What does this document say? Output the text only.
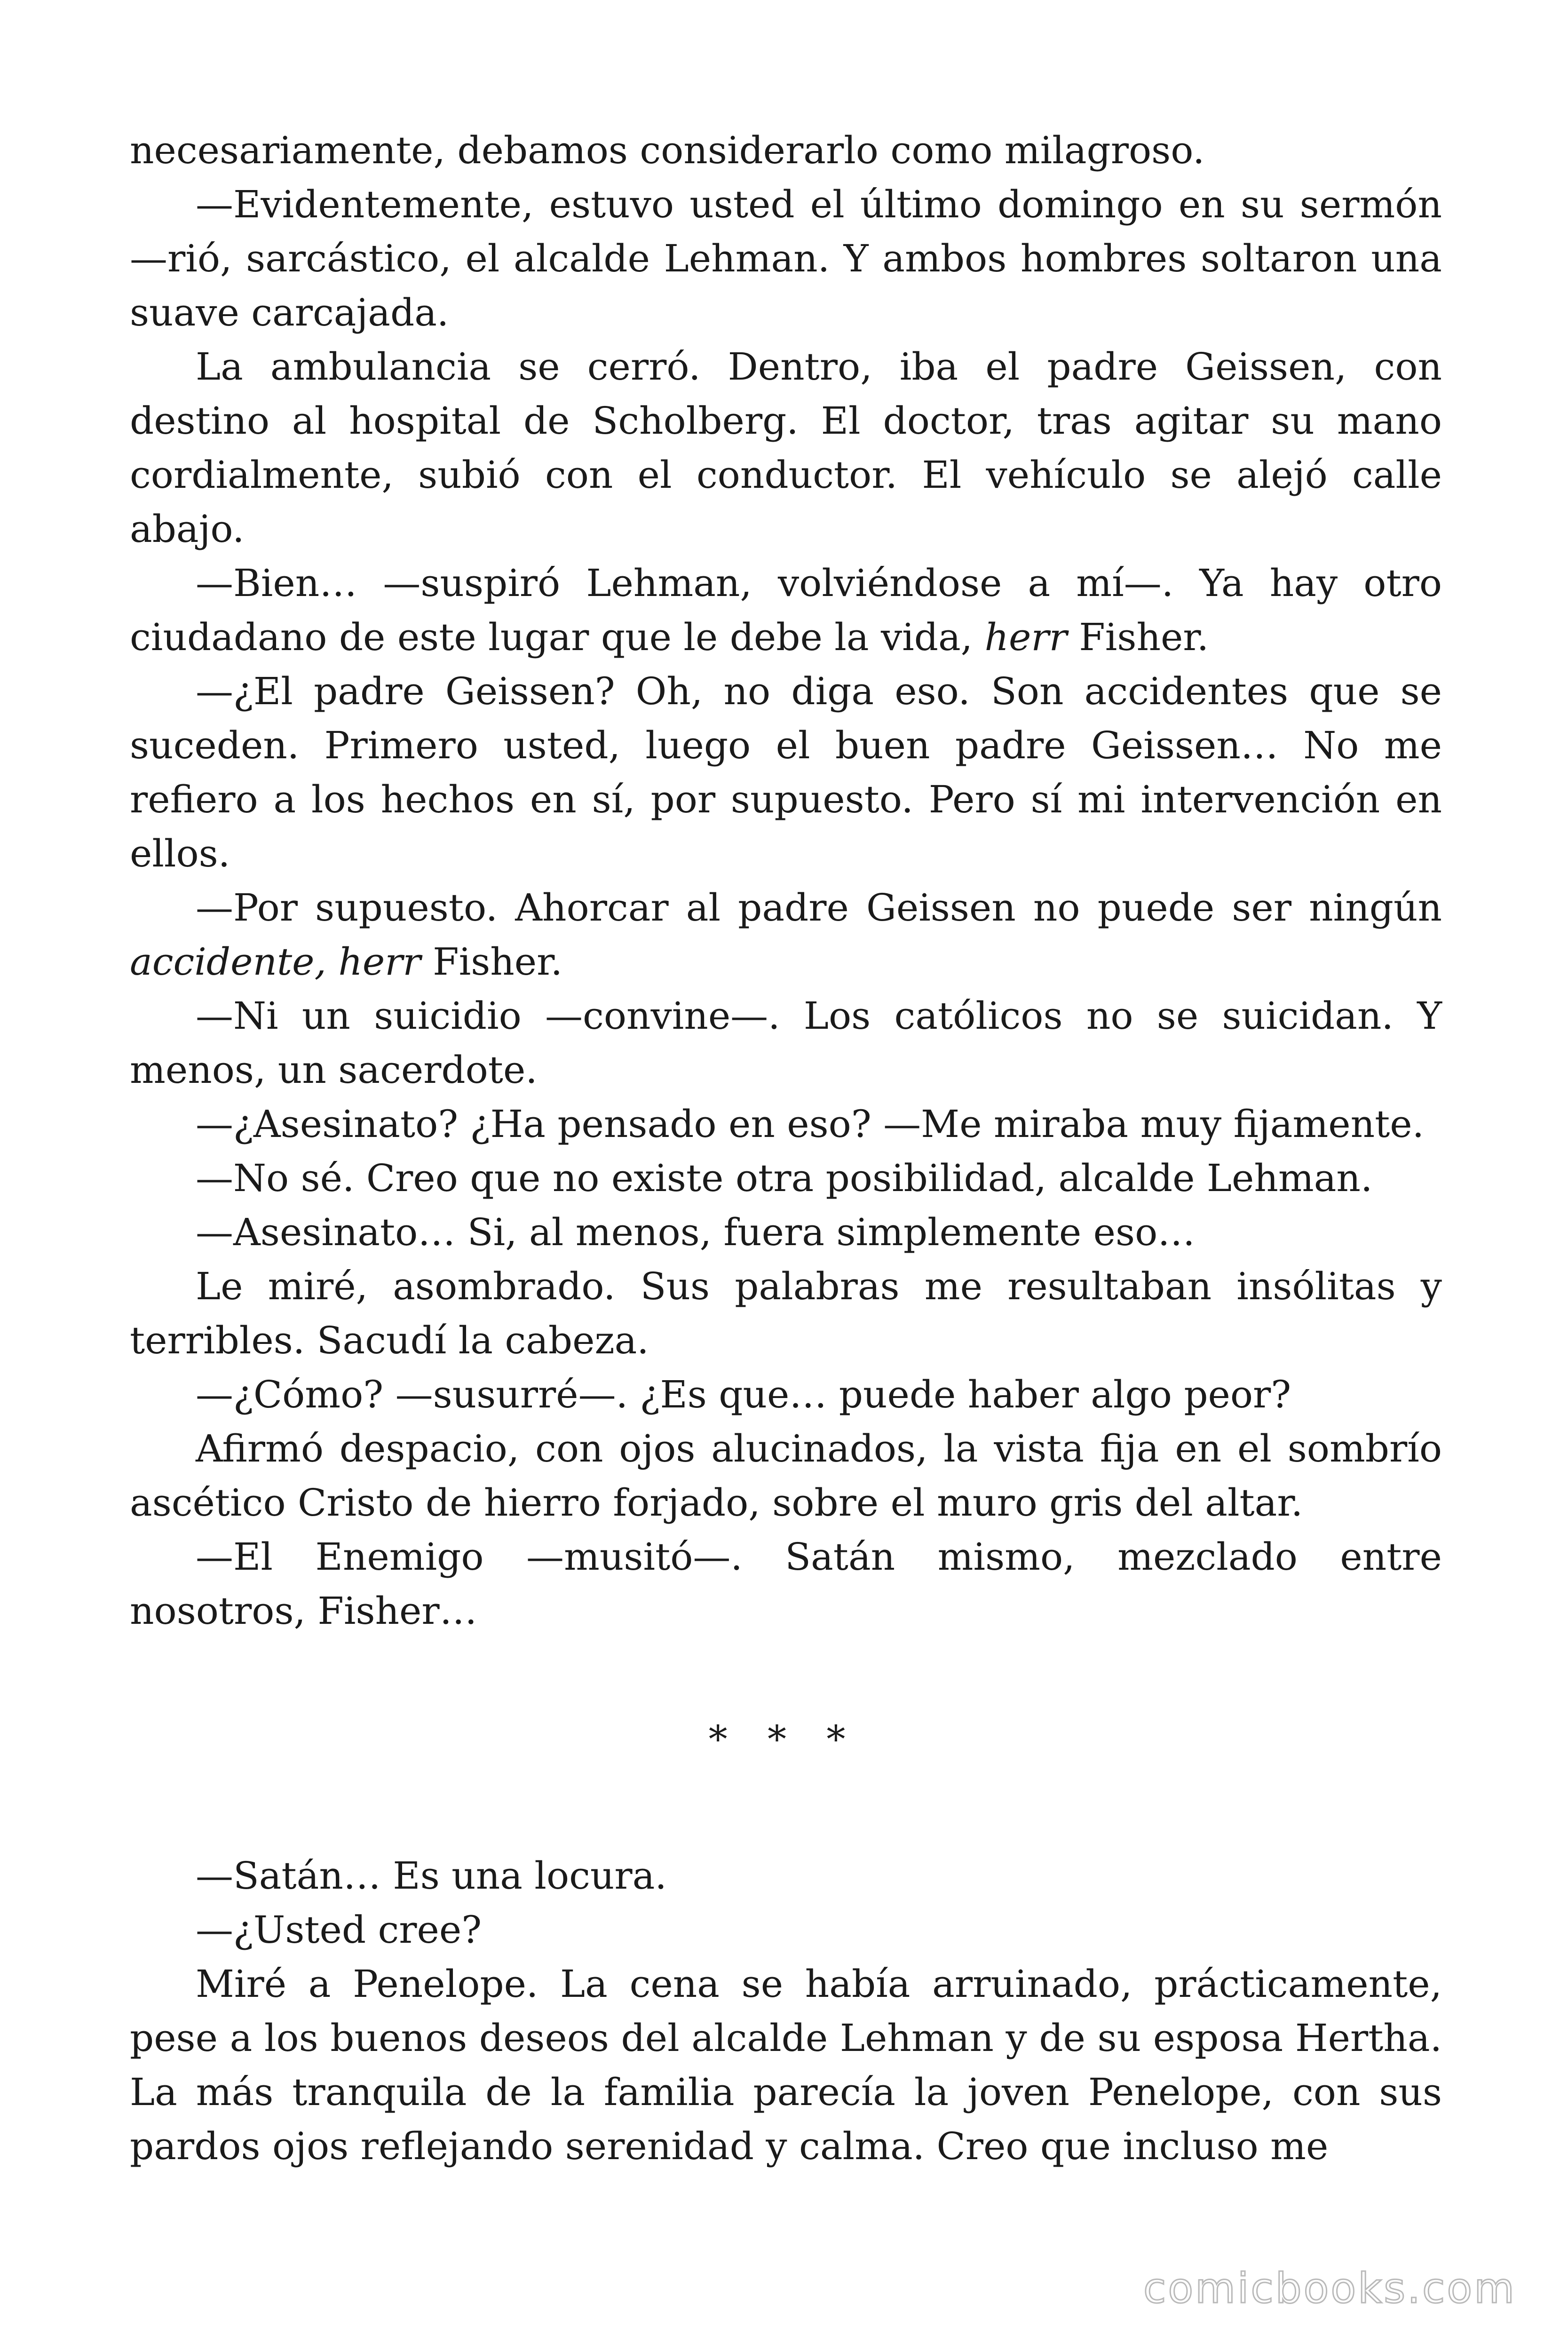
necesariamente, debamos considerarlo como milagroso.

—Evidentemente, estuvo usted el último domingo en su sermón —rió, sarcástico, el alcalde Lehman. Y ambos hombres soltaron una suave carcajada.

La ambulancia se cerró. Dentro, iba el padre Geissen, con destino al hospital de Scholberg. El doctor, tras agitar su mano cordialmente, subió con el conductor. El vehículo se alejó calle abajo.

—Bien… —suspiró Lehman, volviéndose a mí—. Ya hay otro ciudadano de este lugar que le debe la vida, herr Fisher.

—¿El padre Geissen? Oh, no diga eso. Son accidentes que se suceden. Primero usted, luego el buen padre Geissen… No me refiero a los hechos en sí, por supuesto. Pero sí mi intervención en ellos.

—Por supuesto. Ahorcar al padre Geissen no puede ser ningún accidente, herr Fisher.

—Ni un suicidio —convine—. Los católicos no se suicidan. Y menos, un sacerdote.

—¿Asesinato? ¿Ha pensado en eso? —Me miraba muy fijamente.

—No sé. Creo que no existe otra posibilidad, alcalde Lehman.

—Asesinato… Si, al menos, fuera simplemente eso…

Le miré, asombrado. Sus palabras me resultaban insólitas y terribles. Sacudí la cabeza.

—¿Cómo? —susurré—. ¿Es que… puede haber algo peor?

Afirmó despacio, con ojos alucinados, la vista fija en el sombrío ascético Cristo de hierro forjado, sobre el muro gris del altar.

—El Enemigo —musitó—. Satán mismo, mezclado entre nosotros, Fisher…

* * *

—Satán… Es una locura.

—¿Usted cree?

Miré a Penelope. La cena se había arruinado, prácticamente, pese a los buenos deseos del alcalde Lehman y de su esposa Hertha. La más tranquila de la familia parecía la joven Penelope, con sus pardos ojos reflejando serenidad y calma. Creo que incluso me

comicbooks.com
